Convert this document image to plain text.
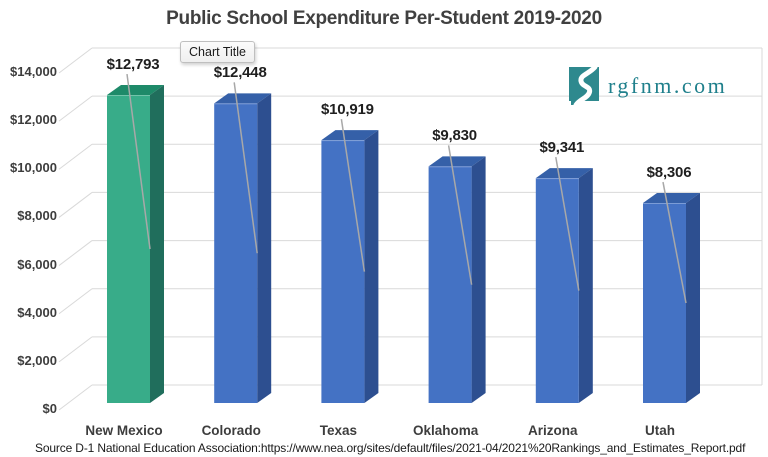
Public School Expenditure Per-Student 2019-2020
$14,000
$12,000
$10,000
$8,000
$6,000
$4,000
$2,000
$0
$12,793	$12,448
$10,919
$9,830
$9,341
$8,306
New Mexico	Colorado	Texas	Oklahoma	Arizona	Utah
Chart Title
rgfnm.com
Source D-1 National Education Association:https://www.nea.org/sites/default/files/2021-04/2021%20Rankings_and_Estimates_Report.pdf
